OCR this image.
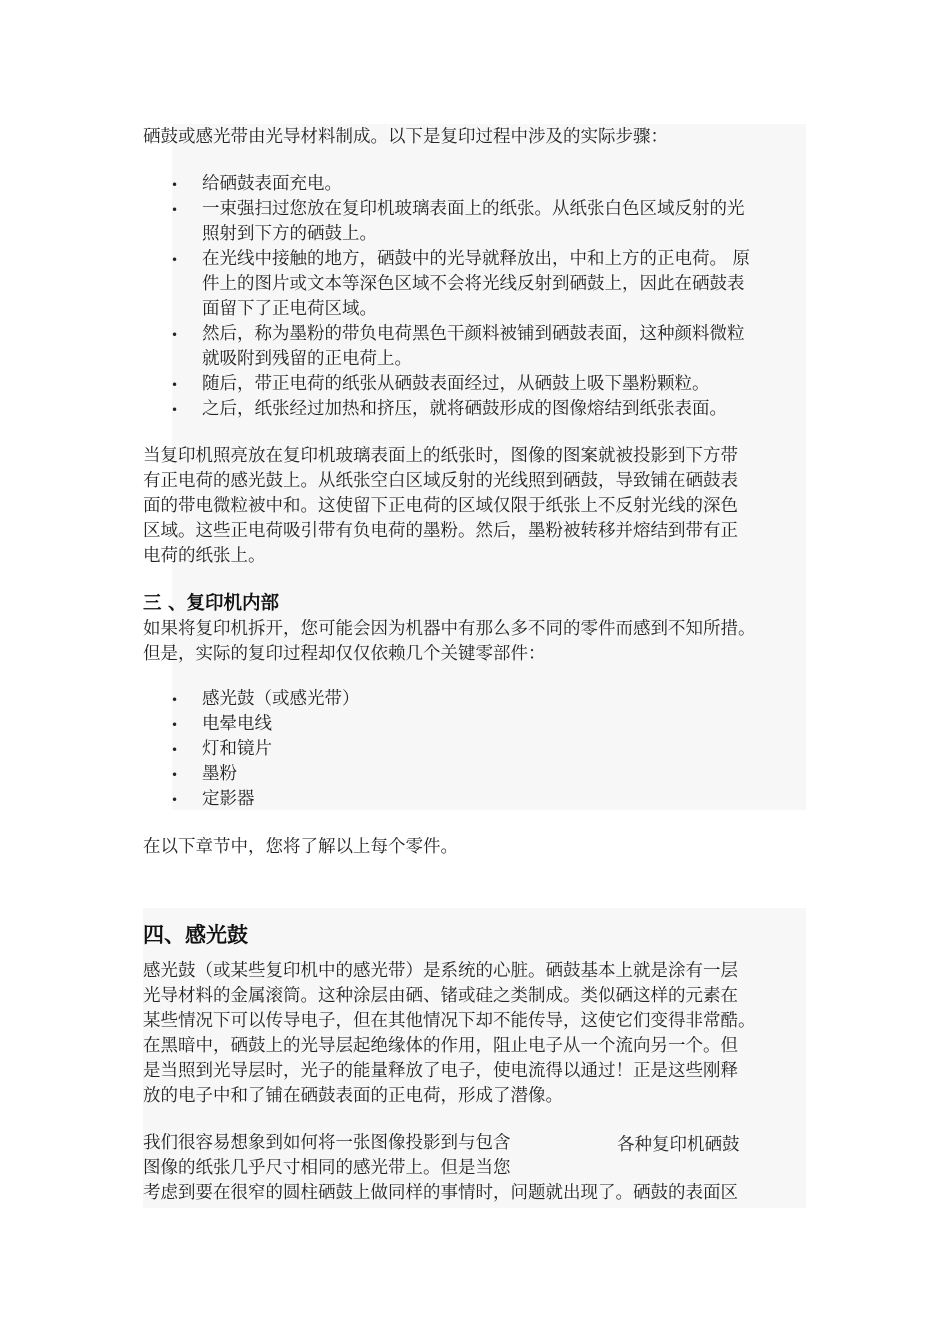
硒鼓或感光带由光导材料制成。以下是复印过程中涉及的实际步骤：
• 给硒鼓表面充电。
• 一束强扫过您放在复印机玻璃表面上的纸张。从纸张白色区域反射的光
照射到下方的硒鼓上。
• 在光线中接触的地方，硒鼓中的光导就释放出，中和上方的正电荷。 原
件上的图片或文本等深色区域不会将光线反射到硒鼓上，因此在硒鼓表
面留下了正电荷区域。
• 然后，称为墨粉的带负电荷黑色干颜料被铺到硒鼓表面，这种颜料微粒
就吸附到残留的正电荷上。
• 随后，带正电荷的纸张从硒鼓表面经过，从硒鼓上吸下墨粉颗粒。
• 之后，纸张经过加热和挤压，就将硒鼓形成的图像熔结到纸张表面。
当复印机照亮放在复印机玻璃表面上的纸张时，图像的图案就被投影到下方带
有正电荷的感光鼓上。从纸张空白区域反射的光线照到硒鼓，导致铺在硒鼓表
面的带电微粒被中和。这使留下正电荷的区域仅限于纸张上不反射光线的深色
区域。这些正电荷吸引带有负电荷的墨粉。然后，墨粉被转移并熔结到带有正
电荷的纸张上。
三 、复印机内部
如果将复印机拆开，您可能会因为机器中有那么多不同的零件而感到不知所措。
但是，实际的复印过程却仅仅依赖几个关键零部件：
• 感光鼓（或感光带）
• 电晕电线
• 灯和镜片
• 墨粉
• 定影器
在以下章节中，您将了解以上每个零件。
四、感光鼓
感光鼓（或某些复印机中的感光带）是系统的心脏。硒鼓基本上就是涂有一层
光导材料的金属滚筒。这种涂层由硒、锗或硅之类制成。类似硒这样的元素在
某些情况下可以传导电子，但在其他情况下却不能传导，这使它们变得非常酷。
在黑暗中，硒鼓上的光导层起绝缘体的作用，阻止电子从一个流向另一个。但
是当照到光导层时，光子的能量释放了电子，使电流得以通过！正是这些刚释
放的电子中和了铺在硒鼓表面的正电荷，形成了潜像。
我们很容易想象到如何将一张图像投影到与包含
图像的纸张几乎尺寸相同的感光带上。但是当您
考虑到要在很窄的圆柱硒鼓上做同样的事情时，问题就出现了。硒鼓的表面区
各种复印机硒鼓
